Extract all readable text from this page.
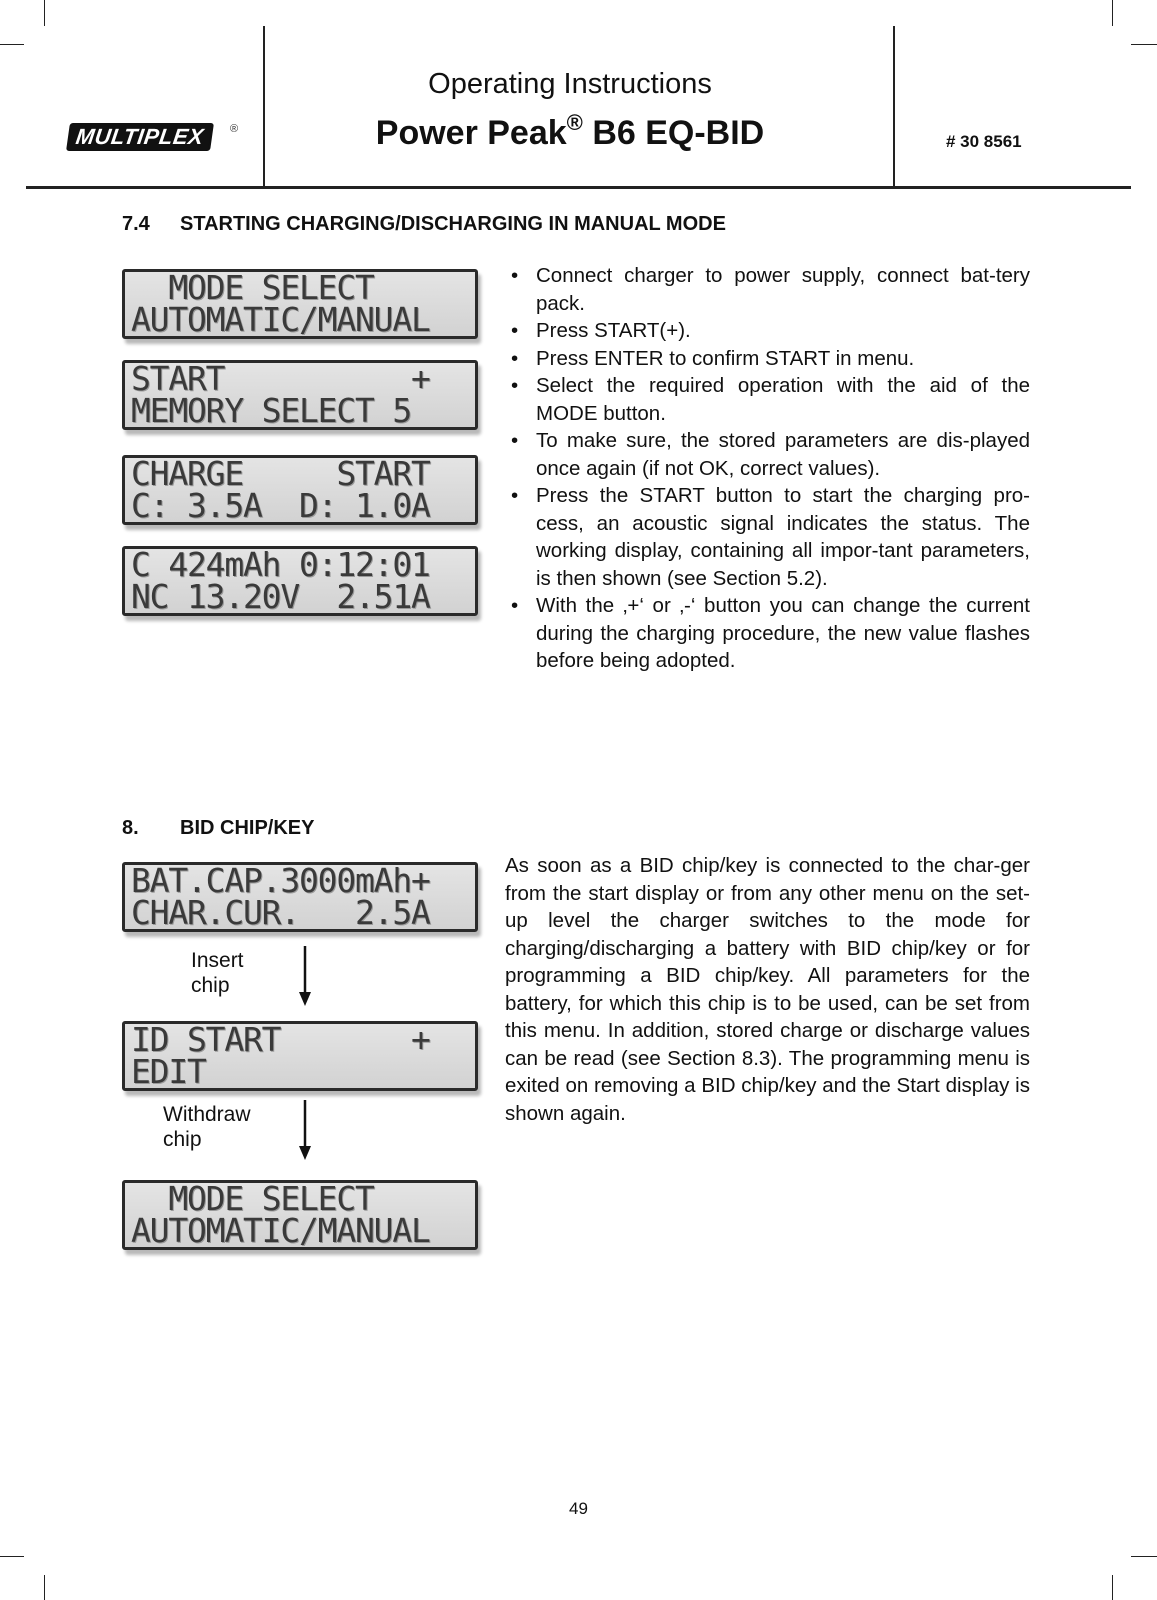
MULTIPLEX	®
Operating Instructions
Power Peak® B6 EQ-BID	# 30 8561
7.4 STARTING CHARGING/DISCHARGING IN MANUAL MODE
MODE SELECT
AUTOMATIC/MANUAL
START          +
MEMORY SELECT 5
CHARGE     START
C: 3.5A  D: 1.0A
C 424mAh 0:12:01
NC 13.20V  2.51A
• Connect charger to power supply, connect bat-tery pack.
• Press START(+).
• Press ENTER to confirm START in menu.
• Select the required operation with the aid of the MODE button.
• To make sure, the stored parameters are dis-played once again (if not OK, correct values).
• Press the START button to start the charging pro-cess, an acoustic signal indicates the status. The working display, containing all impor-tant parameters, is then shown (see Section 5.2).
• With the ‚+‘ or ‚-‘ button you can change the current during the charging procedure, the new value flashes before being adopted.
8. BID CHIP/KEY
BAT.CAP.3000mAh+
CHAR.CUR.   2.5A
Insert
chip
ID START       +
EDIT
Withdraw
chip
MODE SELECT
AUTOMATIC/MANUAL

As soon as a BID chip/key is connected to the char-ger from the start display or from any other menu on the set-up level the charger switches to the mode for charging/discharging a battery with BID chip/key or for programming a BID chip/key. All parameters for the battery, for which this chip is to be used, can be set from this menu. In addition, stored charge or discharge values can be read (see Section 8.3). The programming menu is exited on removing a BID chip/key and the Start display is shown again.

49
